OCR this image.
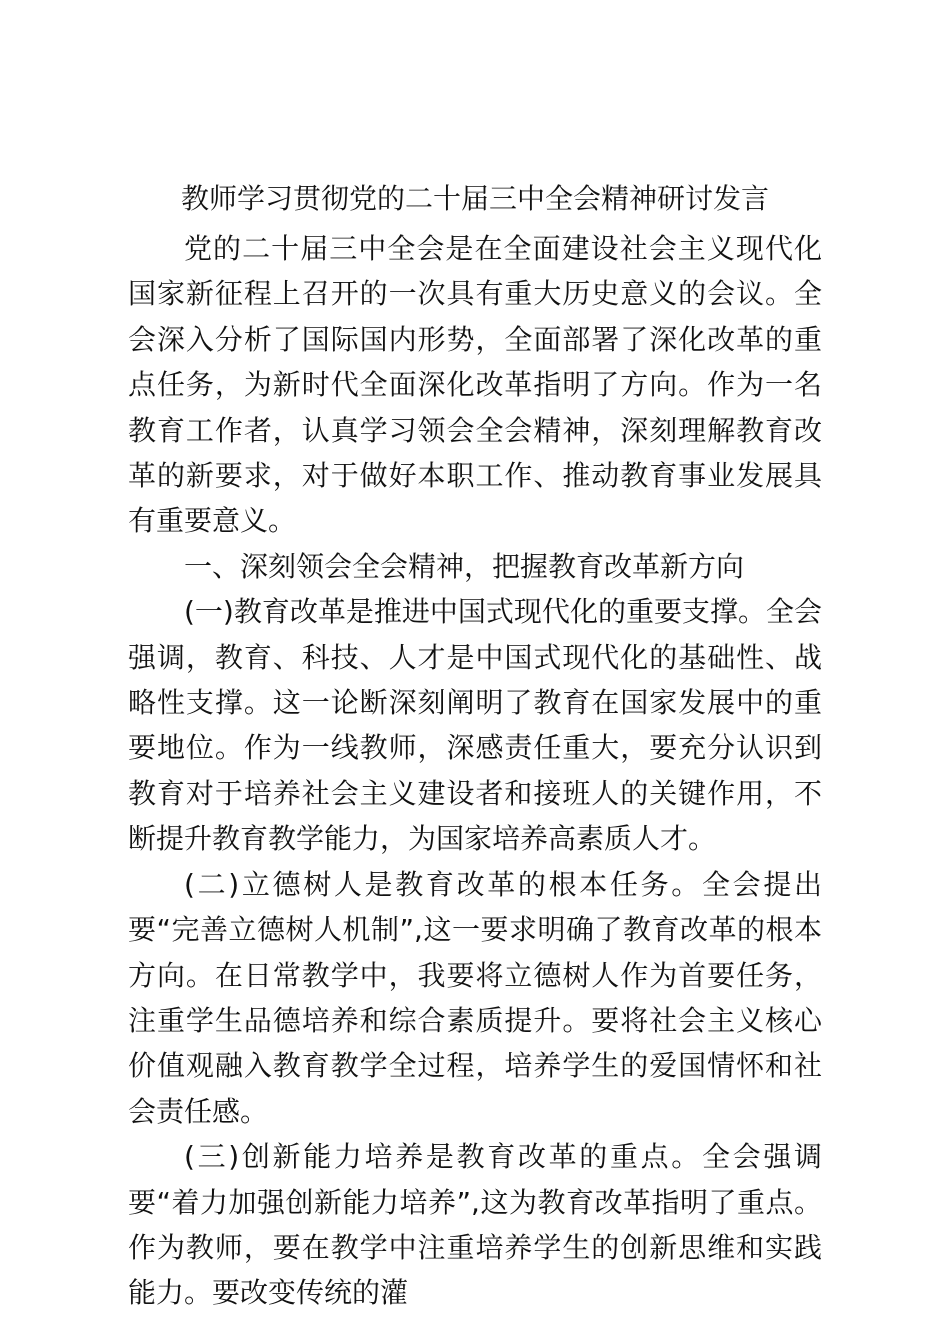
教师学习贯彻党的二十届三中全会精神研讨发言

党的二十届三中全会是在全面建设社会主义现代化国家新征程上召开的一次具有重大历史意义的会议。全会深入分析了国际国内形势，全面部署了深化改革的重点任务，为新时代全面深化改革指明了方向。作为一名教育工作者，认真学习领会全会精神，深刻理解教育改革的新要求，对于做好本职工作、推动教育事业发展具有重要意义。

一、深刻领会全会精神，把握教育改革新方向

(一)教育改革是推进中国式现代化的重要支撑。全会强调，教育、科技、人才是中国式现代化的基础性、战略性支撑。这一论断深刻阐明了教育在国家发展中的重要地位。作为一线教师，深感责任重大，要充分认识到教育对于培养社会主义建设者和接班人的关键作用，不断提升教育教学能力，为国家培养高素质人才。

(二)立德树人是教育改革的根本任务。全会提出要“完善立德树人机制”,这一要求明确了教育改革的根本方向。在日常教学中，我要将立德树人作为首要任务，注重学生品德培养和综合素质提升。要将社会主义核心价值观融入教育教学全过程，培养学生的爱国情怀和社会责任感。

(三)创新能力培养是教育改革的重点。全会强调要“着力加强创新能力培养”,这为教育改革指明了重点。作为教师，要在教学中注重培养学生的创新思维和实践能力。要改变传统的灌
